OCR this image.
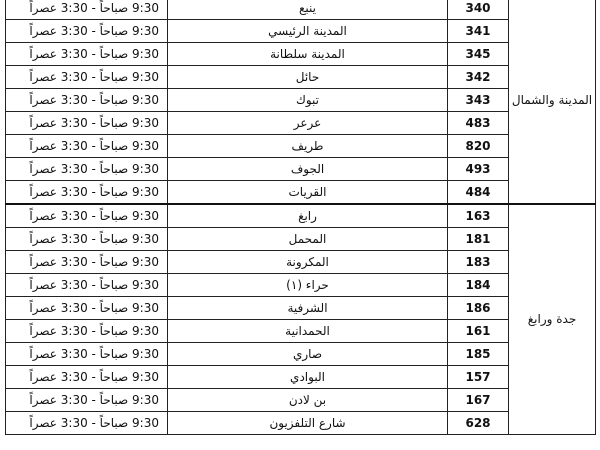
المدينة والشمال	340	ينبع	9:30 صباحاً - 3:30 عصراً
	341	المدينة الرئيسي	9:30 صباحاً - 3:30 عصراً
	345	المدينة سلطانة	9:30 صباحاً - 3:30 عصراً
	342	حائل	9:30 صباحاً - 3:30 عصراً
	343	تبوك	9:30 صباحاً - 3:30 عصراً
	483	عرعر	9:30 صباحاً - 3:30 عصراً
	820	طريف	9:30 صباحاً - 3:30 عصراً
	493	الجوف	9:30 صباحاً - 3:30 عصراً
	484	القريات	9:30 صباحاً - 3:30 عصراً
جدة ورابغ	163	رابغ	9:30 صباحاً - 3:30 عصراً
	181	المحمل	9:30 صباحاً - 3:30 عصراً
	183	المكرونة	9:30 صباحاً - 3:30 عصراً
	184	حراء (١)	9:30 صباحاً - 3:30 عصراً
	186	الشرفية	9:30 صباحاً - 3:30 عصراً
	161	الحمدانية	9:30 صباحاً - 3:30 عصراً
	185	صاري	9:30 صباحاً - 3:30 عصراً
	157	البوادي	9:30 صباحاً - 3:30 عصراً
	167	بن لادن	9:30 صباحاً - 3:30 عصراً
	628	شارع التلفزيون	9:30 صباحاً - 3:30 عصراً
